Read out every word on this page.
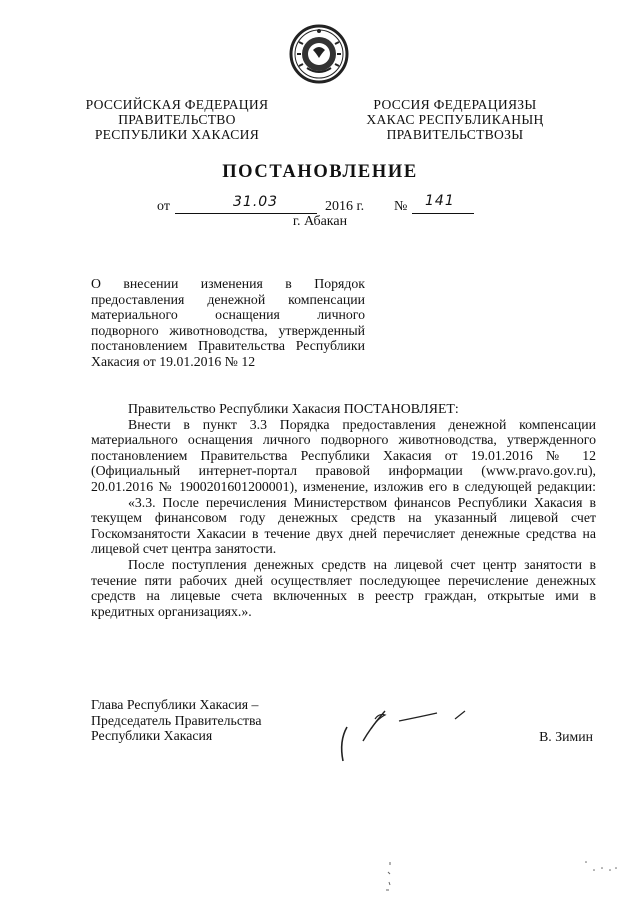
РОССИЙСКАЯ ФЕДЕРАЦИЯ
ПРАВИТЕЛЬСТВО
РЕСПУБЛИКИ ХАКАСИЯ
РОССИЯ ФЕДЕРАЦИЯЗЫ
ХАКАС РЕСПУБЛИКАНЫҢ
ПРАВИТЕЛЬСТВОЗЫ
ПОСТАНОВЛЕНИЕ
от	31.03	2016 г. № 141
г. Абакан
О внесении изменения в Порядок
предоставления денежной компенсации
материального оснащения личного
подворного животноводства, утвержденный
постановлением Правительства Республики
Хакасия от 19.01.2016 № 12
Правительство Республики Хакасия ПОСТАНОВЛЯЕТ:
Внести в пункт 3.3 Порядка предоставления денежной компенсации
материального оснащения личного подворного животноводства, утвержденного
постановлением Правительства Республики Хакасия от 19.01.2016 № 12
(Официальный интернет-портал правовой информации (www.pravo.gov.ru),
20.01.2016 № 1900201601200001), изменение, изложив его в следующей редакции:
«3.3. После перечисления Министерством финансов Республики Хакасия в
текущем финансовом году денежных средств на указанный лицевой счет
Госкомзанятости Хакасии в течение двух дней перечисляет денежные средства на
лицевой счет центра занятости.
После поступления денежных средств на лицевой счет центр занятости в
течение пяти рабочих дней осуществляет последующее перечисление денежных
средств на лицевые счета включенных в реестр граждан, открытые ими в
кредитных организациях.».
Глава Республики Хакасия –
Председатель Правительства
Республики Хакасия	В. Зимин
